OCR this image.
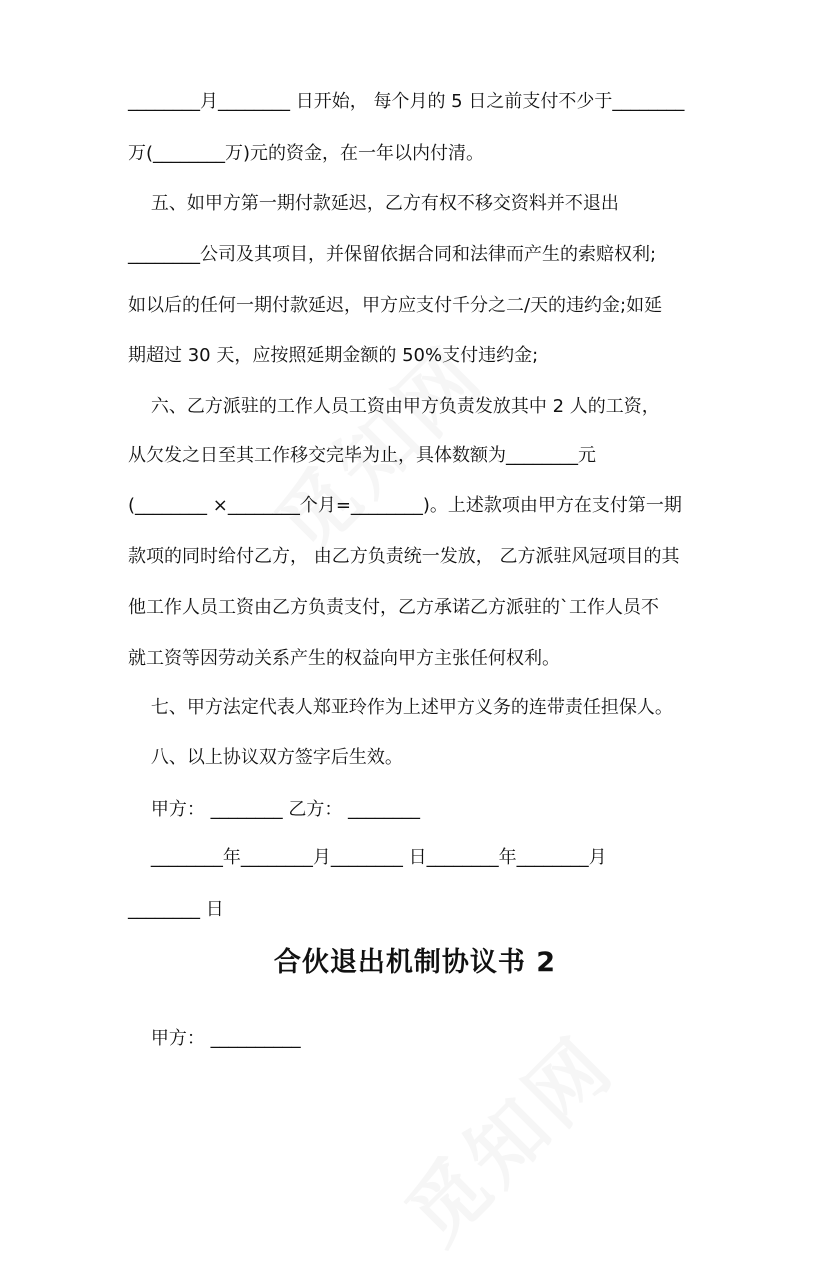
________月________ 日开始， 每个月的 5 日之前支付不少于________
万(________万)元的资金，在一年以内付清。
五、如甲方第一期付款延迟，乙方有权不移交资料并不退出
________公司及其项目，并保留依据合同和法律而产生的索赔权利;
如以后的任何一期付款延迟，甲方应支付千分之二/天的违约金;如延
期超过 30 天，应按照延期金额的 50%支付违约金;
六、乙方派驻的工作人员工资由甲方负责发放其中 2 人的工资，
从欠发之日至其工作移交完毕为止，具体数额为________元
(________ ×________个月=________)。上述款项由甲方在支付第一期
款项的同时给付乙方， 由乙方负责统一发放， 乙方派驻风冠项目的其
他工作人员工资由乙方负责支付，乙方承诺乙方派驻的`工作人员不
就工资等因劳动关系产生的权益向甲方主张任何权利。
七、甲方法定代表人郑亚玲作为上述甲方义务的连带责任担保人。
八、以上协议双方签字后生效。
甲方： ________ 乙方： ________
________年________月________ 日________年________月
________ 日
合伙退出机制协议书 2
甲方： __________
